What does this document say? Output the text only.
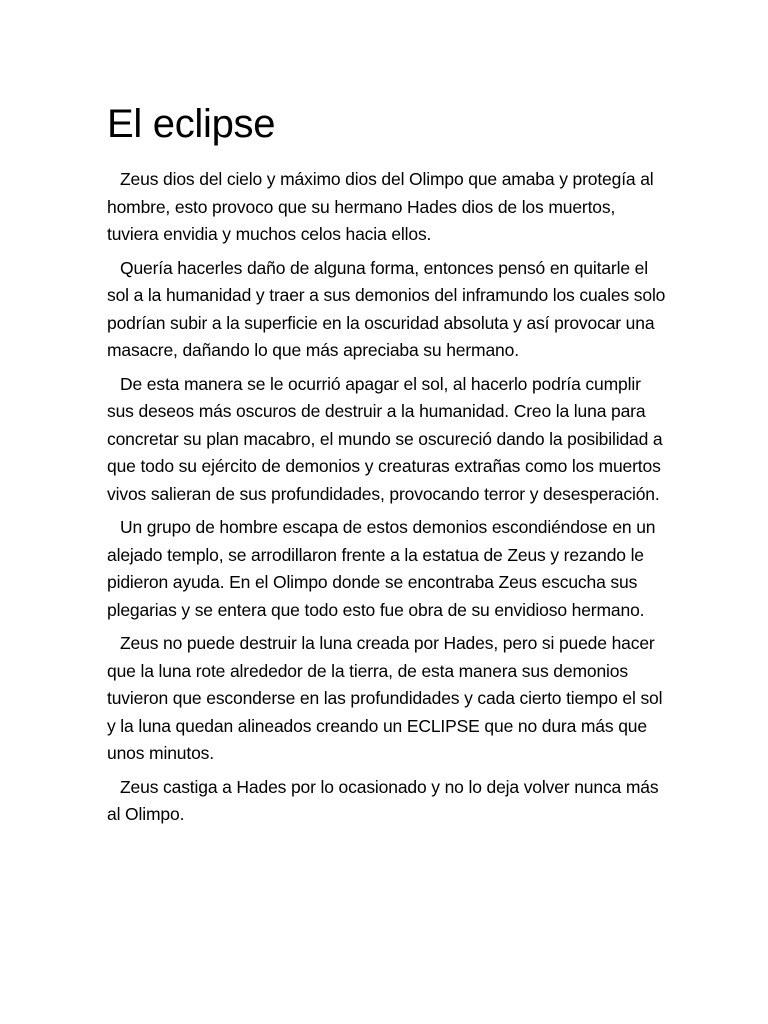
El eclipse

Zeus dios del cielo y máximo dios del Olimpo que amaba y protegía al hombre, esto provoco que su hermano Hades dios de los muertos, tuviera envidia y muchos celos hacia ellos.

Quería hacerles daño de alguna forma, entonces pensó en quitarle el sol a la humanidad y traer a sus demonios del inframundo los cuales solo podrían subir a la superficie en la oscuridad absoluta y así provocar una masacre, dañando lo que más apreciaba su hermano.

De esta manera se le ocurrió apagar el sol, al hacerlo podría cumplir sus deseos más oscuros de destruir a la humanidad. Creo la luna para concretar su plan macabro, el mundo se oscureció dando la posibilidad a que todo su ejército de demonios y creaturas extrañas como los muertos vivos salieran de sus profundidades, provocando terror y desesperación.

Un grupo de hombre escapa de estos demonios escondiéndose en un alejado templo, se arrodillaron frente a la estatua de Zeus y rezando le pidieron ayuda. En el Olimpo donde se encontraba Zeus escucha sus plegarias y se entera que todo esto fue obra de su envidioso hermano.

Zeus no puede destruir la luna creada por Hades, pero si puede hacer que la luna rote alrededor de la tierra, de esta manera sus demonios tuvieron que esconderse en las profundidades y cada cierto tiempo el sol y la luna quedan alineados creando un ECLIPSE que no dura más que unos minutos.

Zeus castiga a Hades por lo ocasionado y no lo deja volver nunca más al Olimpo.
